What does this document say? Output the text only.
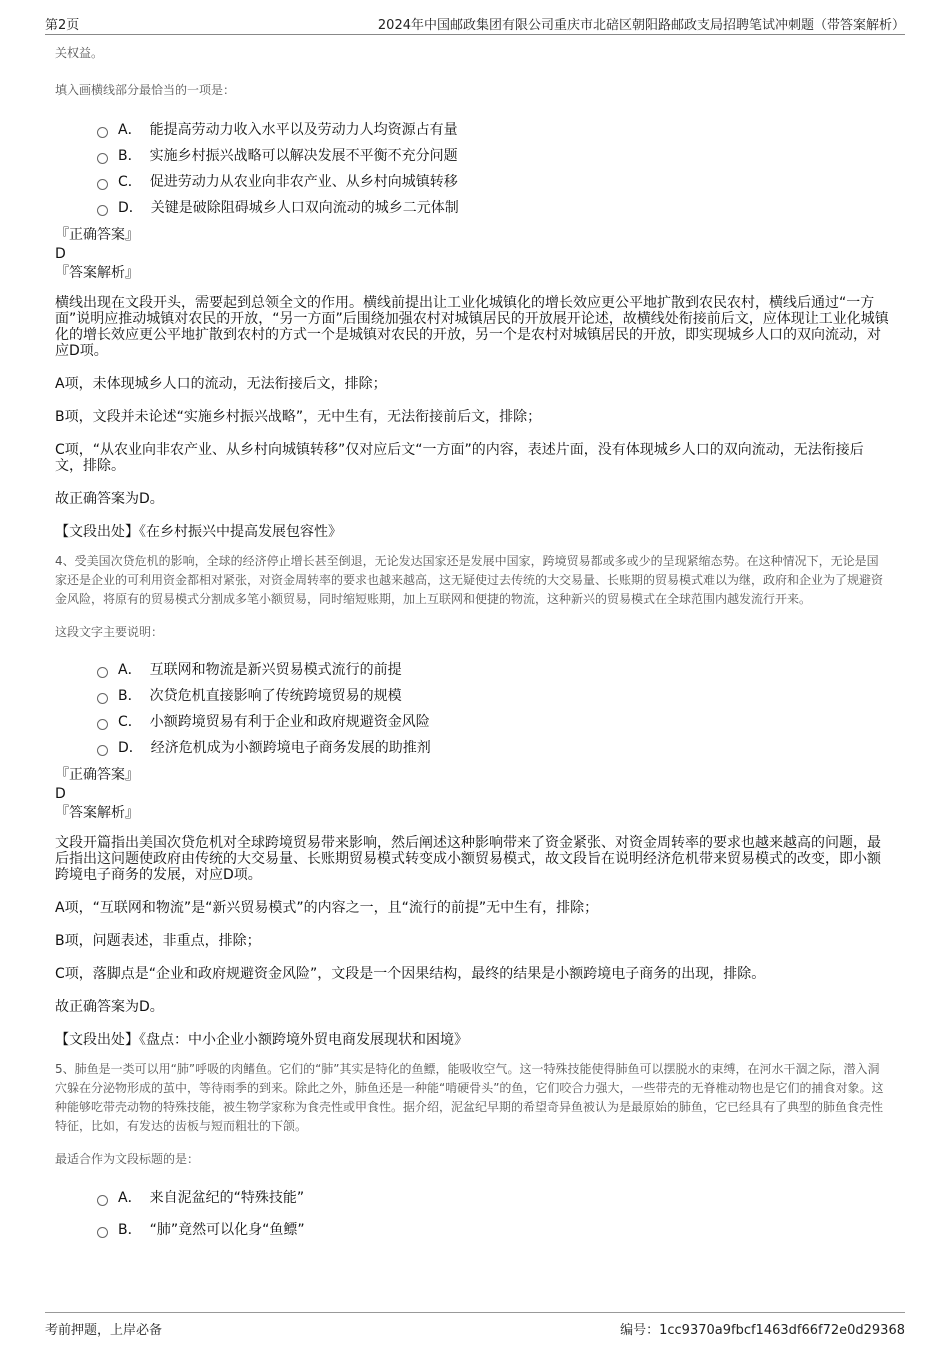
第2页	2024年中国邮政集团有限公司重庆市北碚区朝阳路邮政支局招聘笔试冲刺题（带答案解析）
关权益。
填入画横线部分最恰当的一项是：
A． 能提高劳动力收入水平以及劳动力人均资源占有量
B． 实施乡村振兴战略可以解决发展不平衡不充分问题
C． 促进劳动力从农业向非农产业、从乡村向城镇转移
D． 关键是破除阻碍城乡人口双向流动的城乡二元体制
『正确答案』
D
『答案解析』
横线出现在文段开头，需要起到总领全文的作用。横线前提出让工业化城镇化的增长效应更公平地扩散到农民农村，横线后通过“一方面”说明应推动城镇对农民的开放，“另一方面”后围绕加强农村对城镇居民的开放展开论述，故横线处衔接前后文，应体现让工业化城镇化的增长效应更公平地扩散到农村的方式一个是城镇对农民的开放，另一个是农村对城镇居民的开放，即实现城乡人口的双向流动，对应D项。
A项，未体现城乡人口的流动，无法衔接后文，排除；
B项，文段并未论述“实施乡村振兴战略”，无中生有，无法衔接前后文，排除；
C项，“从农业向非农产业、从乡村向城镇转移”仅对应后文“一方面”的内容，表述片面，没有体现城乡人口的双向流动，无法衔接后文，排除。
故正确答案为D。
【文段出处】《在乡村振兴中提高发展包容性》
4、受美国次贷危机的影响，全球的经济停止增长甚至倒退，无论发达国家还是发展中国家，跨境贸易都或多或少的呈现紧缩态势。在这种情况下，无论是国家还是企业的可利用资金都相对紧张，对资金周转率的要求也越来越高，这无疑使过去传统的大交易量、长账期的贸易模式难以为继，政府和企业为了规避资金风险，将原有的贸易模式分割成多笔小额贸易，同时缩短账期，加上互联网和便捷的物流，这种新兴的贸易模式在全球范围内越发流行开来。
这段文字主要说明：
A． 互联网和物流是新兴贸易模式流行的前提
B． 次贷危机直接影响了传统跨境贸易的规模
C． 小额跨境贸易有利于企业和政府规避资金风险
D． 经济危机成为小额跨境电子商务发展的助推剂
『正确答案』
D
『答案解析』
文段开篇指出美国次贷危机对全球跨境贸易带来影响，然后阐述这种影响带来了资金紧张、对资金周转率的要求也越来越高的问题，最后指出这问题使政府由传统的大交易量、长账期贸易模式转变成小额贸易模式，故文段旨在说明经济危机带来贸易模式的改变，即小额跨境电子商务的发展，对应D项。
A项，“互联网和物流”是“新兴贸易模式”的内容之一，且“流行的前提”无中生有，排除；
B项，问题表述，非重点，排除；
C项，落脚点是“企业和政府规避资金风险”，文段是一个因果结构，最终的结果是小额跨境电子商务的出现，排除。
故正确答案为D。
【文段出处】《盘点：中小企业小额跨境外贸电商发展现状和困境》
5、肺鱼是一类可以用“肺”呼吸的肉鳍鱼。它们的“肺”其实是特化的鱼鳔，能吸收空气。这一特殊技能使得肺鱼可以摆脱水的束缚，在河水干涸之际，潜入洞穴躲在分泌物形成的茧中，等待雨季的到来。除此之外，肺鱼还是一种能“啃硬骨头”的鱼，它们咬合力强大，一些带壳的无脊椎动物也是它们的捕食对象。这种能够吃带壳动物的特殊技能，被生物学家称为食壳性或甲食性。据介绍，泥盆纪早期的希望奇异鱼被认为是最原始的肺鱼，它已经具有了典型的肺鱼食壳性特征，比如，有发达的齿板与短而粗壮的下颌。
最适合作为文段标题的是：
A． 来自泥盆纪的“特殊技能”
B． “肺”竟然可以化身“鱼鳔”
考前押题，上岸必备	编号：1cc9370a9fbcf1463df66f72e0d29368
